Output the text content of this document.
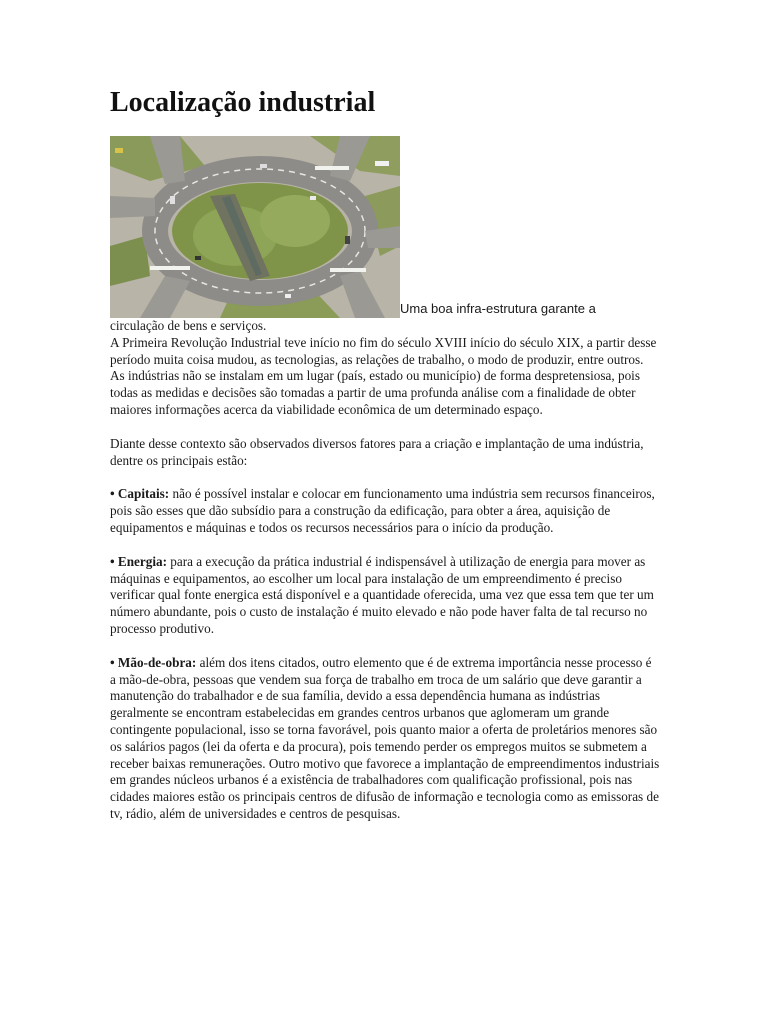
Localização industrial
Uma boa infra-estrutura garante a

circulação de bens e serviços.

A Primeira Revolução Industrial teve início no fim do século XVIII início do século XIX, a partir desse período muita coisa mudou, as tecnologias, as relações de trabalho, o modo de produzir, entre outros.

As indústrias não se instalam em um lugar (país, estado ou município) de forma despretensiosa, pois todas as medidas e decisões são tomadas a partir de uma profunda análise com a finalidade de obter maiores informações acerca da viabilidade econômica de um determinado espaço.

Diante desse contexto são observados diversos fatores para a criação e implantação de uma indústria, dentre os principais estão:

• Capitais: não é possível instalar e colocar em funcionamento uma indústria sem recursos financeiros, pois são esses que dão subsídio para a construção da edificação, para obter a área, aquisição de equipamentos e máquinas e todos os recursos necessários para o início da produção.

• Energia: para a execução da prática industrial é indispensável à utilização de energia para mover as máquinas e equipamentos, ao escolher um local para instalação de um empreendimento é preciso verificar qual fonte energica está disponível e a quantidade oferecida, uma vez que essa tem que ter um número abundante, pois o custo de instalação é muito elevado e não pode haver falta de tal recurso no processo produtivo.

• Mão-de-obra: além dos itens citados, outro elemento que é de extrema importância nesse processo é a mão-de-obra, pessoas que vendem sua força de trabalho em troca de um salário que deve garantir a manutenção do trabalhador e de sua família, devido a essa dependência humana as indústrias geralmente se encontram estabelecidas em grandes centros urbanos que aglomeram um grande contingente populacional, isso se torna favorável, pois quanto maior a oferta de proletários menores são os salários pagos (lei da oferta e da procura), pois temendo perder os empregos muitos se submetem a receber baixas remunerações. Outro motivo que favorece a implantação de empreendimentos industriais em grandes núcleos urbanos é a existência de trabalhadores com qualificação profissional, pois nas cidades maiores estão os principais centros de difusão de informação e tecnologia como as emissoras de tv, rádio, além de universidades e centros de pesquisas.
